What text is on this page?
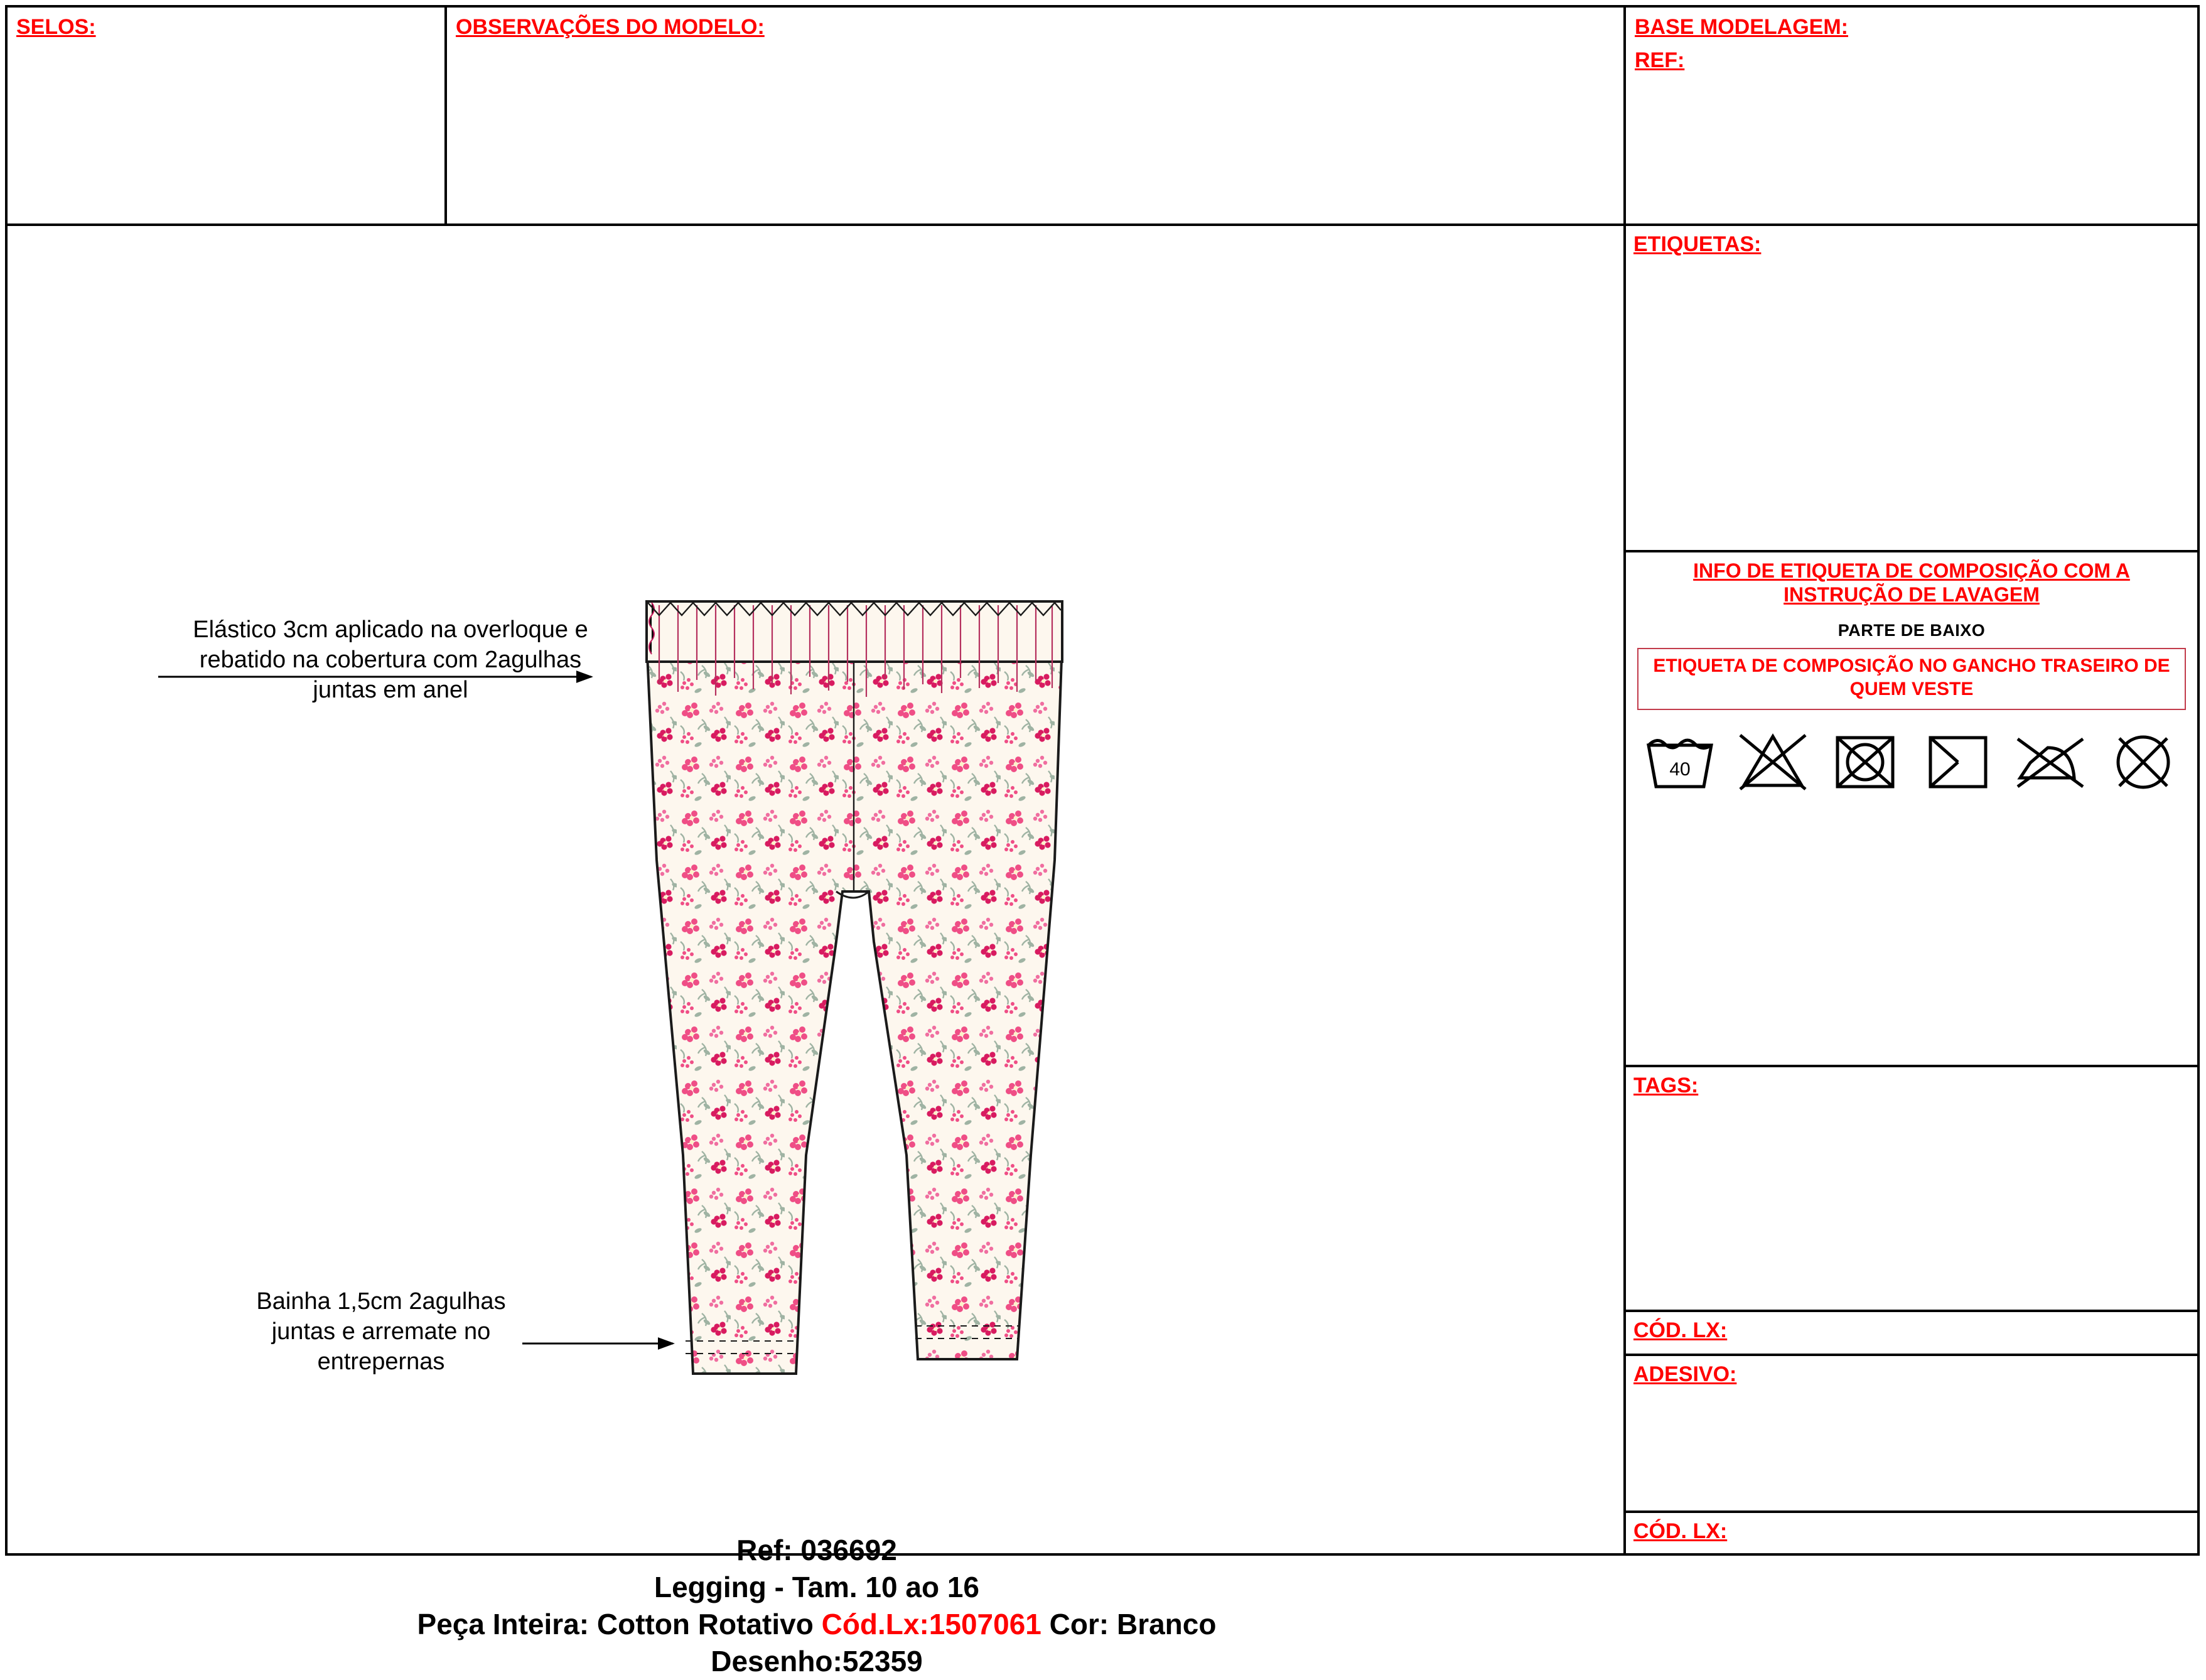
SELOS:	OBSERVAÇÕES DO MODELO:	BASE MODELAGEM:
REF:
Elástico 3cm aplicado na overloque e rebatido na cobertura com 2agulhas juntas em anel
Bainha 1,5cm 2agulhas juntas e arremate no entrepernas
Ref: 036692
Legging - Tam. 10 ao 16
Peça Inteira: Cotton Rotativo Cód.Lx:1507061 Cor: Branco
Desenho:52359
ETIQUETAS:
INFO DE ETIQUETA DE COMPOSIÇÃO COM A INSTRUÇÃO DE LAVAGEM
PARTE DE BAIXO
ETIQUETA DE COMPOSIÇÃO NO GANCHO TRASEIRO DE QUEM VESTE
40
TAGS:
CÓD. LX:
ADESIVO:
CÓD. LX:
